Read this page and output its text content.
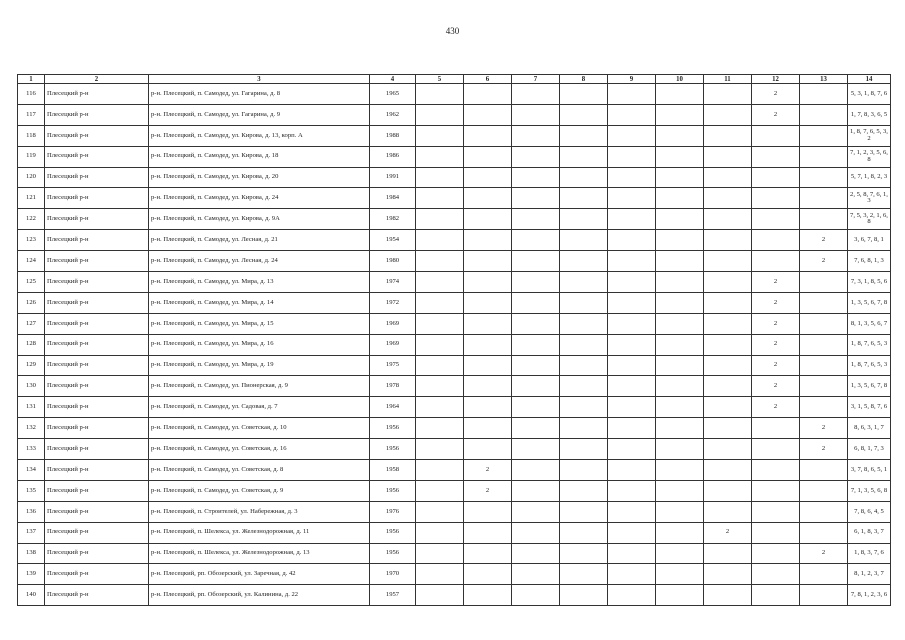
430
1	2	3	4	5	6	7	8	9	10	11	12	13	14
116	Плесецкий р-н	р-н. Плесецкий, п. Самодед, ул. Гагарина, д. 8	1965								2		5, 3, 1, 8, 7, 6
117	Плесецкий р-н	р-н. Плесецкий, п. Самодед, ул. Гагарина, д. 9	1962								2		1, 7, 8, 3, 6, 5
118	Плесецкий р-н	р-н. Плесецкий, п. Самодед, ул. Кирова, д. 13, корп. А	1988										1, 8, 7, 6, 5, 3, 2
119	Плесецкий р-н	р-н. Плесецкий, п. Самодед, ул. Кирова, д. 18	1986										7, 1, 2, 3, 5, 6, 8
120	Плесецкий р-н	р-н. Плесецкий, п. Самодед, ул. Кирова, д. 20	1991										5, 7, 1, 8, 2, 3
121	Плесецкий р-н	р-н. Плесецкий, п. Самодед, ул. Кирова, д. 24	1984										2, 5, 8, 7, 6, 1, 3
122	Плесецкий р-н	р-н. Плесецкий, п. Самодед, ул. Кирова, д. 9А	1982										7, 5, 3, 2, 1, 6, 8
123	Плесецкий р-н	р-н. Плесецкий, п. Самодед, ул. Лесная, д. 21	1954									2	3, 6, 7, 8, 1
124	Плесецкий р-н	р-н. Плесецкий, п. Самодед, ул. Лесная, д. 24	1980									2	7, 6, 8, 1, 3
125	Плесецкий р-н	р-н. Плесецкий, п. Самодед, ул. Мира, д. 13	1974								2		7, 3, 1, 8, 5, 6
126	Плесецкий р-н	р-н. Плесецкий, п. Самодед, ул. Мира, д. 14	1972								2		1, 3, 5, 6, 7, 8
127	Плесецкий р-н	р-н. Плесецкий, п. Самодед, ул. Мира, д. 15	1969								2		8, 1, 3, 5, 6, 7
128	Плесецкий р-н	р-н. Плесецкий, п. Самодед, ул. Мира, д. 16	1969								2		1, 8, 7, 6, 5, 3
129	Плесецкий р-н	р-н. Плесецкий, п. Самодед, ул. Мира, д. 19	1975								2		1, 8, 7, 6, 5, 3
130	Плесецкий р-н	р-н. Плесецкий, п. Самодед, ул. Пионерская, д. 9	1978								2		1, 3, 5, 6, 7, 8
131	Плесецкий р-н	р-н. Плесецкий, п. Самодед, ул. Садовая, д. 7	1964								2		3, 1, 5, 8, 7, 6
132	Плесецкий р-н	р-н. Плесецкий, п. Самодед, ул. Советская, д. 10	1956									2	8, 6, 3, 1, 7
133	Плесецкий р-н	р-н. Плесецкий, п. Самодед, ул. Советская, д. 16	1956									2	6, 8, 1, 7, 3
134	Плесецкий р-н	р-н. Плесецкий, п. Самодед, ул. Советская, д. 8	1958		2								3, 7, 8, 6, 5, 1
135	Плесецкий р-н	р-н. Плесецкий, п. Самодед, ул. Советская, д. 9	1956		2								7, 1, 3, 5, 6, 8
136	Плесецкий р-н	р-н. Плесецкий, п. Строителей, ул. Набережная, д. 3	1976										7, 8, 6, 4, 5
137	Плесецкий р-н	р-н. Плесецкий, п. Шелексa, ул. Железнодорожная, д. 11	1956							2			6, 1, 8, 3, 7
138	Плесецкий р-н	р-н. Плесецкий, п. Шелексa, ул. Железнодорожная, д. 13	1956									2	1, 8, 3, 7, 6
139	Плесецкий р-н	р-н. Плесецкий, рп. Обозерский, ул. Заречная, д. 42	1970										8, 1, 2, 3, 7
140	Плесецкий р-н	р-н. Плесецкий, рп. Обозерский, ул. Калинина, д. 22	1957										7, 8, 1, 2, 3, 6
